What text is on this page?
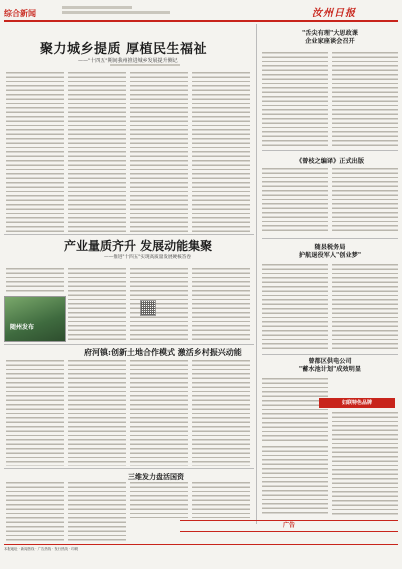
综合新闻	汝州日报
聚力城乡提质 厚植民生福祉
——"十四五"期间我州推进城乡发展提升侧记
"舌尖有理"大思政课
企业家座谈会召开
《曾枝之编译》正式出版
随县税务局
护航退役军人"创业梦"
曾都区供电公司
"蓄水池计划"成效明显
妇联特色品牌
产业量质齐升 发展动能集聚
——推进"十四五"实现高质量发展硬核答卷
随州发布
府河镇:创新土地合作模式 激活乡村振兴动能
三维发力盘活国资
广告
本报地址 · 新闻热线 · 广告热线 · 发行热线 · 印刷
